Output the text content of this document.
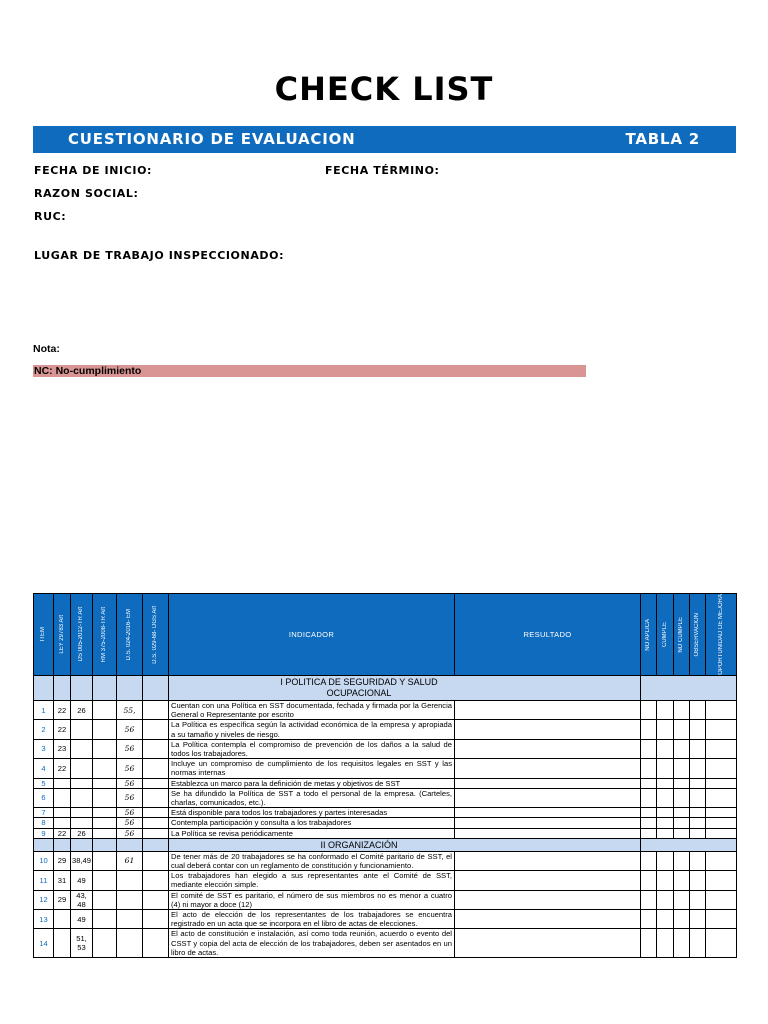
CHECK LIST
CUESTIONARIO DE EVALUACION	TABLA 2
FECHA DE INICIO:	FECHA TÉRMINO:
RAZON SOCIAL:
RUC:
LUGAR DE TRABAJO INSPECCIONADO:
Nota:
NC: No-cumplimiento
ITEM	LEY 29783 Art	DS 005-2012-TR Art	RM 375-2008-TR Art	D.S. 024-2016- EM	D.S. 029-68- DGS Art	INDICADOR	RESULTADO	NO APLICA	CUMPLE	NO CUMPLE	OBSERVACION	OPORTUNIDAD DE MEJORA

						I POLITICA DE SEGURIDAD Y SALUD OCUPACIONAL						

1	22	26		55,		Cuentan con una Política en SST documentada, fechada y firmada por la Gerencia General o Representante por escrito						
2	22			56		La Política es específica según la actividad económica de la empresa y apropiada a su tamaño y niveles de riesgo.						
3	23			56		La Política contempla el compromiso de prevención de los daños a la salud de todos los trabajadores.						
4	22			56		Incluye un compromiso de cumplimiento de los requisitos legales en SST y las normas internas						
5				56		Establezca un marco para la definición de metas y objetivos de SST						
6				56		Se ha difundido la Política de SST a todo el personal de la empresa. (Carteles, charlas, comunicados, etc.).						
7				56		Está disponible para todos los trabajadores y partes interesadas						
8				56		Contempla participación y consulta a los trabajadores						
9	22	26		56		La Política se revisa periódicamente						

						II ORGANIZACIÓN						

10	29	38,49		61		De tener más de 20 trabajadores se ha conformado el Comité paritario de SST, el cual deberá contar con un reglamento de constitución y funcionamiento.						
11	31	49				Los trabajadores han elegido a sus representantes ante el Comité de SST, mediante elección simple.						
12	29	43, 48				El comité de SST es paritario, el número de sus miembros no es menor a cuatro (4) ni mayor a doce (12)						
13		49				El acto de elección de los representantes de los trabajadores se encuentra registrado en un acta que se incorpora en el libro de actas de elecciones.						
14		51, 53				El acto de constitución e instalación, así como toda reunión, acuerdo o evento del CSST y copia del acta de elección de los trabajadores, deben ser asentados en un libro de actas.						
